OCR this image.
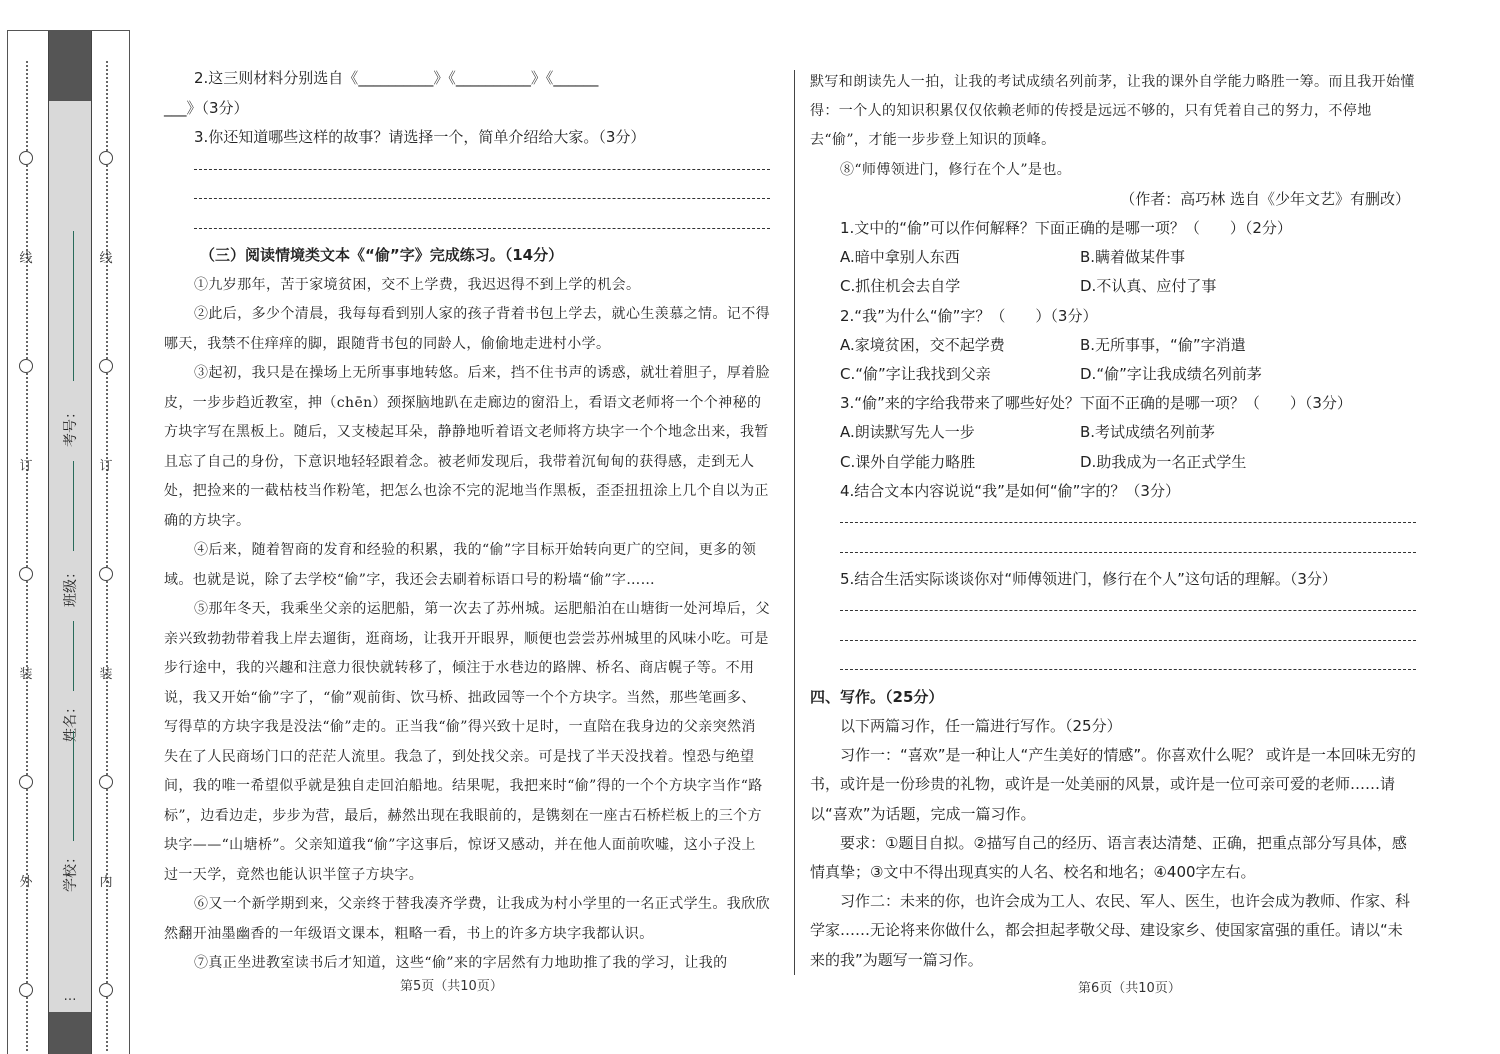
线
订
装
外
…
考号：
班级：
姓名：
学校：
线
订
装
内

2.这三则材料分别选自《__________》《__________》《______

___》（3分）

3.你还知道哪些这样的故事？请选择一个，简单介绍给大家。（3分）

（三）阅读情境类文本《“偷”字》完成练习。（14分）

①九岁那年，苦于家境贫困，交不上学费，我迟迟得不到上学的机会。

②此后，多少个清晨，我每每看到别人家的孩子背着书包上学去，就心生羡慕之情。记不得哪天，我禁不住痒痒的脚，跟随背书包的同龄人，偷偷地走进村小学。

③起初，我只是在操场上无所事事地转悠。后来，挡不住书声的诱惑，就壮着胆子，厚着脸皮，一步步趋近教室，抻（chēn）颈探脑地趴在走廊边的窗沿上，看语文老师将一个个神秘的方块字写在黑板上。随后，又支棱起耳朵，静静地听着语文老师将方块字一个个地念出来，我暂且忘了自己的身份，下意识地轻轻跟着念。被老师发现后，我带着沉甸甸的获得感，走到无人处，把捡来的一截枯枝当作粉笔，把怎么也涂不完的泥地当作黑板，歪歪扭扭涂上几个自以为正确的方块字。

④后来，随着智商的发育和经验的积累，我的“偷”字目标开始转向更广的空间，更多的领域。也就是说，除了去学校“偷”字，我还会去刷着标语口号的粉墙“偷”字……

⑤那年冬天，我乘坐父亲的运肥船，第一次去了苏州城。运肥船泊在山塘街一处河埠后，父亲兴致勃勃带着我上岸去遛街，逛商场，让我开开眼界，顺便也尝尝苏州城里的风味小吃。可是步行途中，我的兴趣和注意力很快就转移了，倾注于水巷边的路牌、桥名、商店幌子等。不用说，我又开始“偷”字了，“偷”观前街、饮马桥、拙政园等一个个方块字。当然，那些笔画多、写得草的方块字我是没法“偷”走的。正当我“偷”得兴致十足时，一直陪在我身边的父亲突然消失在了人民商场门口的茫茫人流里。我急了，到处找父亲。可是找了半天没找着。惶恐与绝望间，我的唯一希望似乎就是独自走回泊船地。结果呢，我把来时“偷”得的一个个方块字当作“路标”，边看边走，步步为营，最后，赫然出现在我眼前的，是镌刻在一座古石桥栏板上的三个方块字——“山塘桥”。父亲知道我“偷”字这事后，惊讶又感动，并在他人面前吹嘘，这小子没上过一天学，竟然也能认识半筐子方块字。

⑥又一个新学期到来，父亲终于替我凑齐学费，让我成为村小学里的一名正式学生。我欣欣然翻开油墨幽香的一年级语文课本，粗略一看，书上的许多方块字我都认识。

⑦真正坐进教室读书后才知道，这些“偷”来的字居然有力地助推了我的学习，让我的

第5页（共10页）

默写和朗读先人一拍，让我的考试成绩名列前茅，让我的课外自学能力略胜一筹。而且我开始懂得：一个人的知识积累仅仅依赖老师的传授是远远不够的，只有凭着自己的努力，不停地去“偷”，才能一步步登上知识的顶峰。

⑧“师傅领进门，修行在个人”是也。

（作者：高巧林 选自《少年文艺》有删改）

1.文中的“偷”可以作何解释？下面正确的是哪一项？（　　）（2分）

A.暗中拿别人东西	B.瞒着做某件事
C.抓住机会去自学	D.不认真、应付了事

2.“我”为什么“偷”字？（　　）（3分）

A.家境贫困，交不起学费	B.无所事事，“偷”字消遣
C.“偷”字让我找到父亲	D.“偷”字让我成绩名列前茅

3.“偷”来的字给我带来了哪些好处？下面不正确的是哪一项？（　　）（3分）

A.朗读默写先人一步	B.考试成绩名列前茅
C.课外自学能力略胜	D.助我成为一名正式学生

4.结合文本内容说说“我”是如何“偷”字的？（3分）

5.结合生活实际谈谈你对“师傅领进门，修行在个人”这句话的理解。（3分）

四、写作。（25分）

以下两篇习作，任一篇进行写作。（25分）

习作一：“喜欢”是一种让人“产生美好的情感”。你喜欢什么呢？ 或许是一本回味无穷的书，或许是一份珍贵的礼物，或许是一处美丽的风景，或许是一位可亲可爱的老师……请以“喜欢”为话题，完成一篇习作。

要求：①题目自拟。②描写自己的经历、语言表达清楚、正确，把重点部分写具体，感情真挚；③文中不得出现真实的人名、校名和地名；④400字左右。

习作二：未来的你，也许会成为工人、农民、军人、医生，也许会成为教师、作家、科学家……无论将来你做什么，都会担起孝敬父母、建设家乡、使国家富强的重任。请以“未来的我”为题写一篇习作。

第6页（共10页）
